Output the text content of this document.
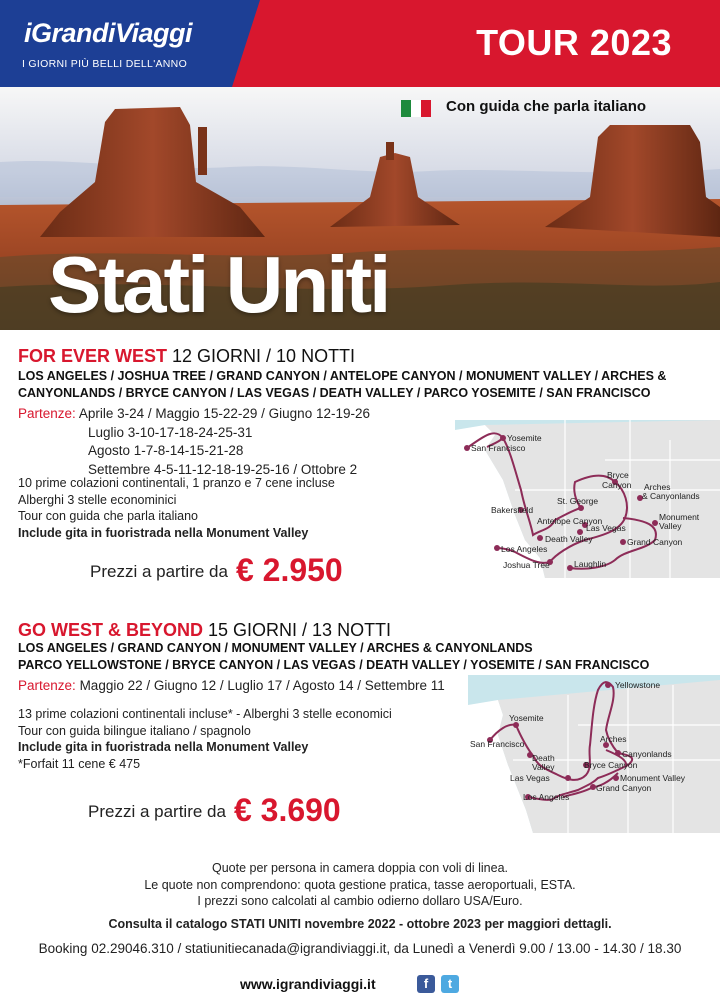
iGrandiViaggi
I GIORNI PIÙ BELLI DELL'ANNO
TOUR 2023
Con guida che parla italiano
Stati Uniti
FOR EVER WEST 12 GIORNI / 10 NOTTI
LOS ANGELES / JOSHUA TREE / GRAND CANYON / ANTELOPE CANYON / MONUMENT VALLEY / ARCHES & CANYONLANDS / BRYCE CANYON / LAS VEGAS / DEATH VALLEY / PARCO YOSEMITE / SAN FRANCISCO
Partenze: Aprile 3-24 / Maggio 15-22-29 / Giugno 12-19-26
Luglio 3-10-17-18-24-25-31
Agosto 1-7-8-14-15-21-28
Settembre 4-5-11-12-18-19-25-16 / Ottobre 2
10 prime colazioni continentali, 1 pranzo e 7 cene incluse
Alberghi 3 stelle econominici
Tour con guida che parla italiano
Include gita in fuoristrada nella Monument Valley
Prezzi a partire da € 2.950
Yosemite
San Francisco
Bryce
Canyon Arches
& Canyonlands
St. George
Bakersfield
Monument
Valley
Antelope Canyon
Las Vegas
Death Valley	Grand Canyon
Los Angeles
Joshua Tree	Laughlin
GO WEST & BEYOND 15 GIORNI / 13 NOTTI
LOS ANGELES / GRAND CANYON / MONUMENT VALLEY / ARCHES & CANYONLANDS
PARCO YELLOWSTONE / BRYCE CANYON / LAS VEGAS / DEATH VALLEY / YOSEMITE / SAN FRANCISCO
Partenze: Maggio 22 / Giugno 12 / Luglio 17 / Agosto 14 / Settembre 11
13 prime colazioni continentali incluse* - Alberghi 3 stelle economici
Tour con guida bilingue italiano / spagnolo
Include gita in fuoristrada nella Monument Valley
*Forfait 11 cene € 475
Prezzi a partire da € 3.690
Yellowstone
Yosemite
San Francisco
Death
Valley
Arches
Canyonlands
Bryce Canyon
Las Vegas	Monument Valley
Grand Canyon
Los Angeles
Quote per persona in camera doppia con voli di linea.
Le quote non comprendono: quota gestione pratica, tasse aeroportuali, ESTA.
I prezzi sono calcolati al cambio odierno dollaro USA/Euro.
Consulta il catalogo STATI UNITI novembre 2022 - ottobre 2023 per maggiori dettagli.
Booking 02.29046.310 / statiunitiecanada@igrandiviaggi.it, da Lunedì a Venerdì 9.00 / 13.00 - 14.30 / 18.30
www.igrandiviaggi.it	f	t
